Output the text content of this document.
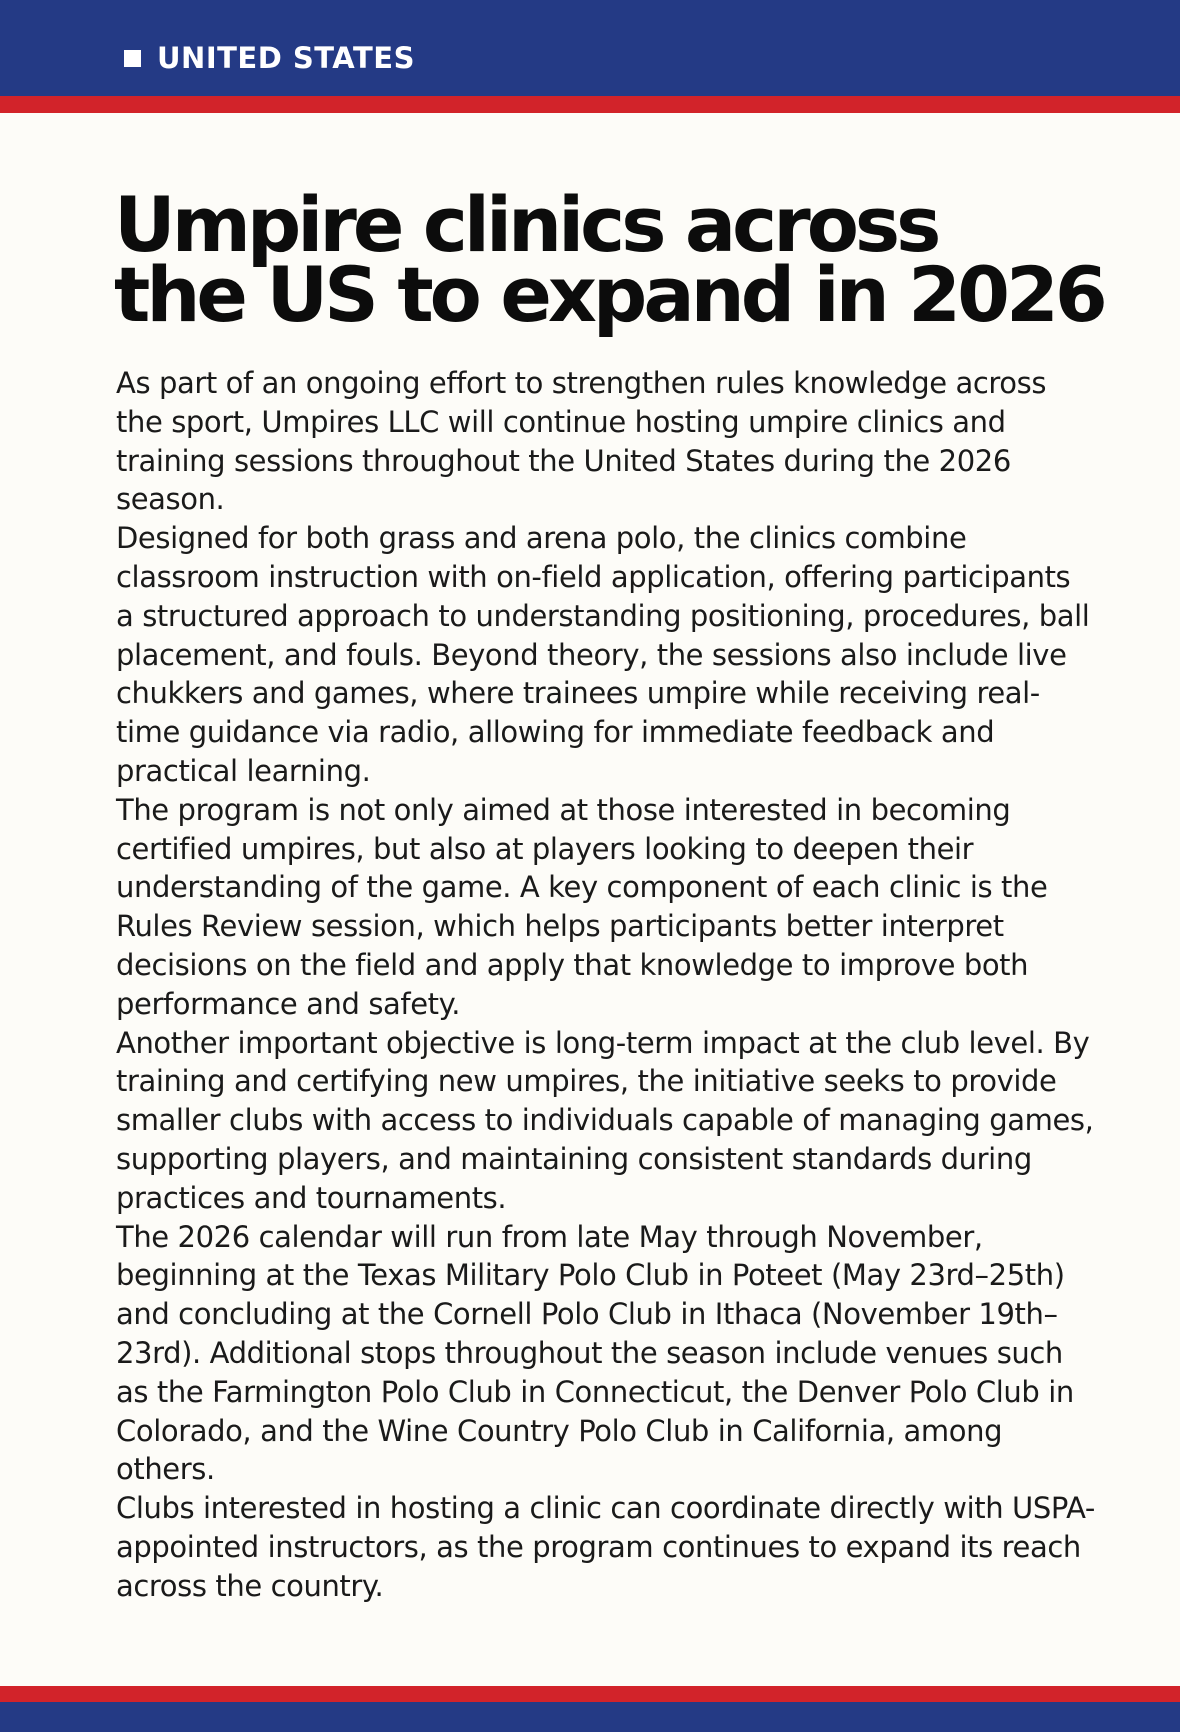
UNITED STATES
Umpire clinics across
the US to expand in 2026

As part of an ongoing effort to strengthen rules knowledge across the sport, Umpires LLC will continue hosting umpire clinics and training sessions throughout the United States during the 2026 season.

Designed for both grass and arena polo, the clinics combine classroom instruction with on-field application, offering participants a structured approach to understanding positioning, procedures, ball placement, and fouls. Beyond theory, the sessions also include live chukkers and games, where trainees umpire while receiving real-time guidance via radio, allowing for immediate feedback and practical learning.

The program is not only aimed at those interested in becoming certified umpires, but also at players looking to deepen their understanding of the game. A key component of each clinic is the Rules Review session, which helps participants better interpret decisions on the field and apply that knowledge to improve both performance and safety.

Another important objective is long-term impact at the club level. By training and certifying new umpires, the initiative seeks to provide smaller clubs with access to individuals capable of managing games, supporting players, and maintaining consistent standards during practices and tournaments.

The 2026 calendar will run from late May through November, beginning at the Texas Military Polo Club in Poteet (May 23rd–25th) and concluding at the Cornell Polo Club in Ithaca (November 19th–23rd). Additional stops throughout the season include venues such as the Farmington Polo Club in Connecticut, the Denver Polo Club in Colorado, and the Wine Country Polo Club in California, among others.

Clubs interested in hosting a clinic can coordinate directly with USPA-appointed instructors, as the program continues to expand its reach across the country.
